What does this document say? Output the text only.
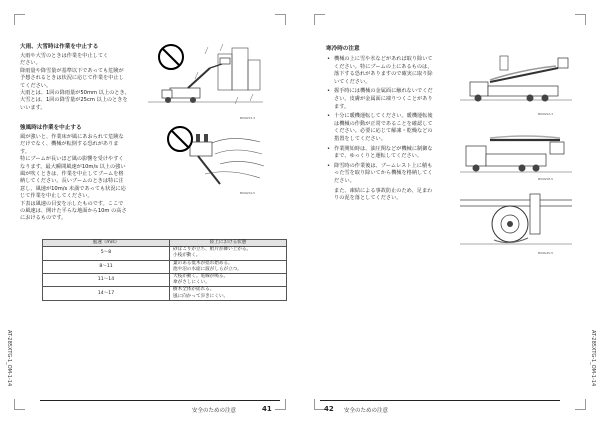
大雨、大雪時は作業を中止する

大雨や大雪のときは作業を中止してく

ださい。

降雨量や降雪量が基準以下であっても危険が

予想されるときは状況に応じて作業を中止し

てください。

大雨とは、1回の降雨量が50mm 以上のとき、

大雪とは、1回の降雪量が25cm 以上のときを

いいます。

B09G53-3
強風時は作業を中止する

風が強いと、作業床が風にあおられて危険な

だけでなく、機械が転倒する恐れがありま

す。

特にブームが長いほど風の影響を受けやすく

なります。最大瞬間風速が10m/s 以上の強い

風が吹くときは、作業を中止してブームを格

納してください。長いブームのときは特に注

意し、風速が10m/s 未満であっても状況に応

じて作業を中止してください。

下表は風速の目安を示したものです。ここで

の風速は、開けた平らな地面から10m の高さ

におけるものです。

B09G54-5
風速（m/s）	陸上における状態
5〜8	砂ぼこりが立ち、紙片が舞い上がる。
小枝が動く。

8〜11	葉のある低木が揺れ始める。
池や沼の水面に波がしらが立つ。

11〜14	大枝が動く。電線が鳴る。
傘がさしにくい。

14〜17	樹木全体が揺れる。
風に向かって歩きにくい。
AT-285XTG-1_OM-1-14
安全のための注意	41
寒冷時の注意
• 機械の上に雪や氷などがあれば取り除いて
ください。特にブームの上にあるものは、
落下する恐れがありますので確実に取り除
いてください。
• 握手時には機械の金属面に触れないでくだ
さい。皮膚が金属面に凍りつくことがあり
ます。
• 十分に暖機運転してください。暖機運転後
は機械の作動が正常であることを確認して
ください。必要に応じて解凍・乾燥などの
措置をしてください。
• 作業開始時は、油圧関などが機械に制御な
まで、ゆっくりと運転してください。
• 降雪時の作業後は、ブームレスト上に積も
った雪を取り除いてから機械を格納してく
ださい。
また、凍結による事故防止のため、足まわ
りの泥を落としてください。
B09G52-3
B09G58-5
B09G45-5
AT-285XTG-1_OM-1-14
42 安全のための注意
